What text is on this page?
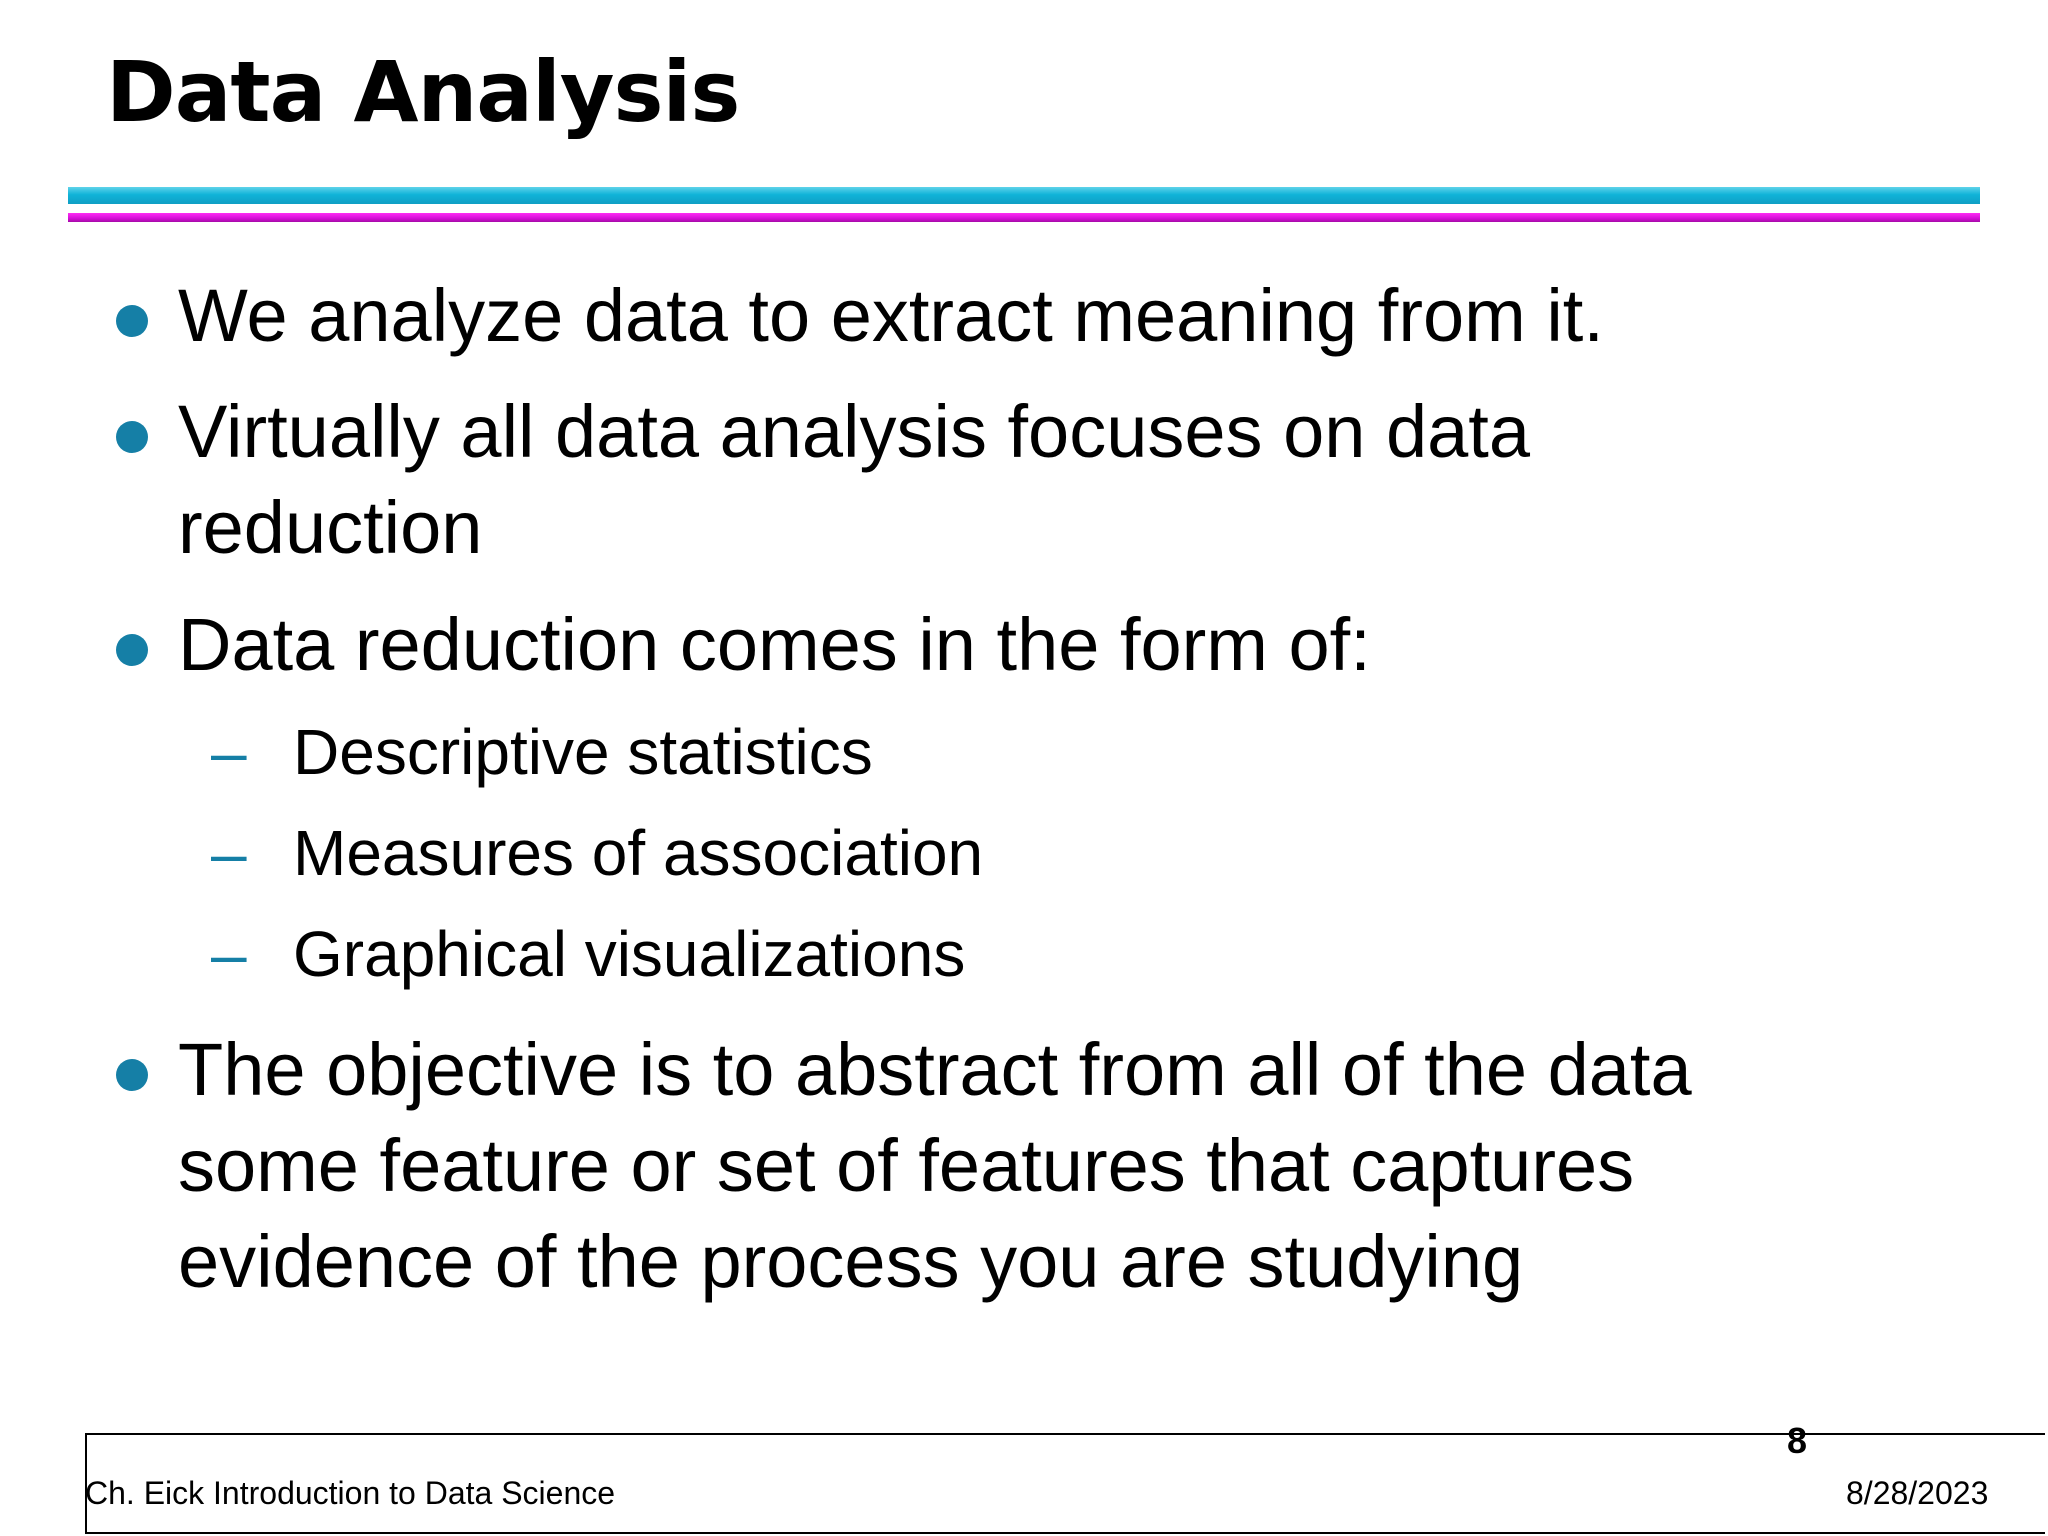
Data Analysis
We analyze data to extract meaning from it.
Virtually all data analysis focuses on data
reduction
Data reduction comes in the form of:
– Descriptive statistics
– Measures of association
– Graphical visualizations
The objective is to abstract from all of the data
some feature or set of features that captures
evidence of the process you are studying
8
Ch. Eick Introduction to Data Science	8/28/2023
